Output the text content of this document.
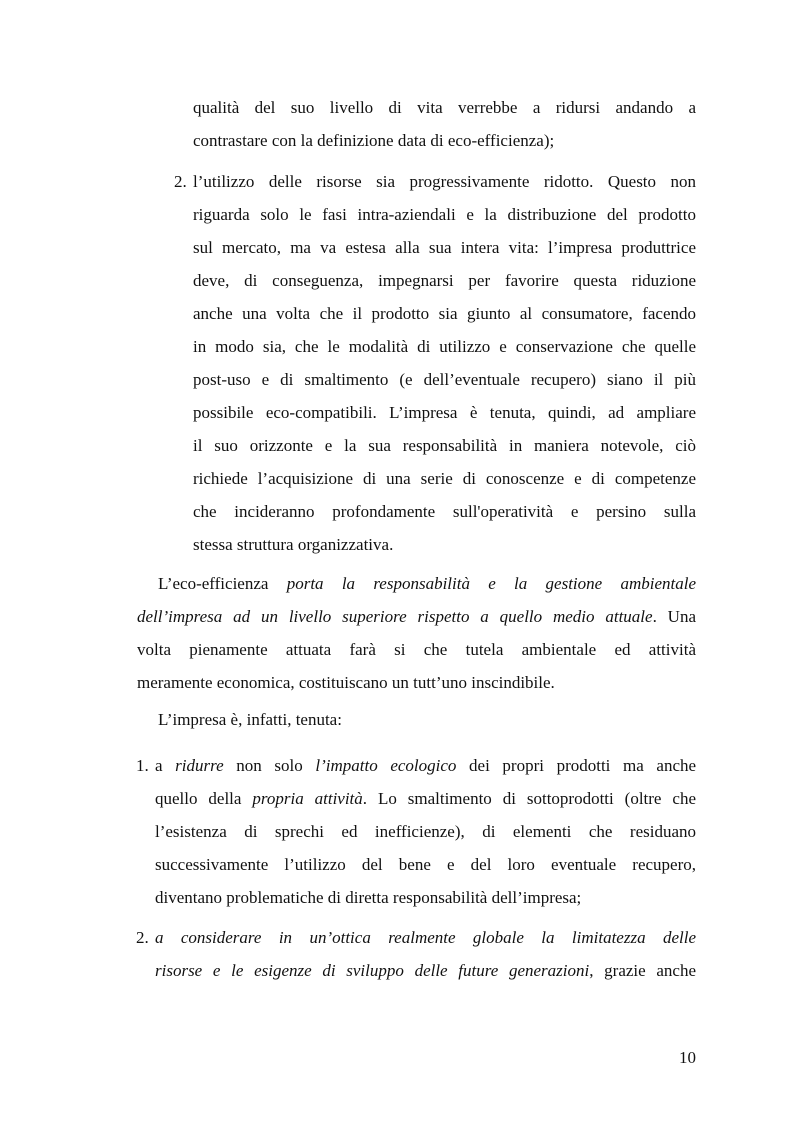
qualità del suo livello di vita verrebbe a ridursi andando a
contrastare con la definizione data di eco-efficienza);
2. l’utilizzo delle risorse sia progressivamente ridotto. Questo non
riguarda solo le fasi intra-aziendali e la distribuzione del prodotto
sul mercato, ma va estesa alla sua intera vita: l’impresa produttrice
deve, di conseguenza, impegnarsi per favorire questa riduzione
anche una volta che il prodotto sia giunto al consumatore, facendo
in modo sia, che le modalità di utilizzo e conservazione che quelle
post-uso e di smaltimento (e dell’eventuale recupero) siano il più
possibile eco-compatibili. L’impresa è tenuta, quindi, ad ampliare
il suo orizzonte e la sua responsabilità in maniera notevole, ciò
richiede l’acquisizione di una serie di conoscenze e di competenze
che incideranno profondamente sull'operatività e persino sulla
stessa struttura organizzativa.
L’eco-efficienza porta la responsabilità e la gestione ambientale
dell’impresa ad un livello superiore rispetto a quello medio attuale. Una
volta pienamente attuata farà si che tutela ambientale ed attività
meramente economica, costituiscano un tutt’uno inscindibile.
L’impresa è, infatti, tenuta:
1. a ridurre non solo l’impatto ecologico dei propri prodotti ma anche
quello della propria attività. Lo smaltimento di sottoprodotti (oltre che
l’esistenza di sprechi ed inefficienze), di elementi che residuano
successivamente l’utilizzo del bene e del loro eventuale recupero,
diventano problematiche di diretta responsabilità dell’impresa;
2. a considerare in un’ottica realmente globale la limitatezza delle
risorse e le esigenze di sviluppo delle future generazioni, grazie anche
10
